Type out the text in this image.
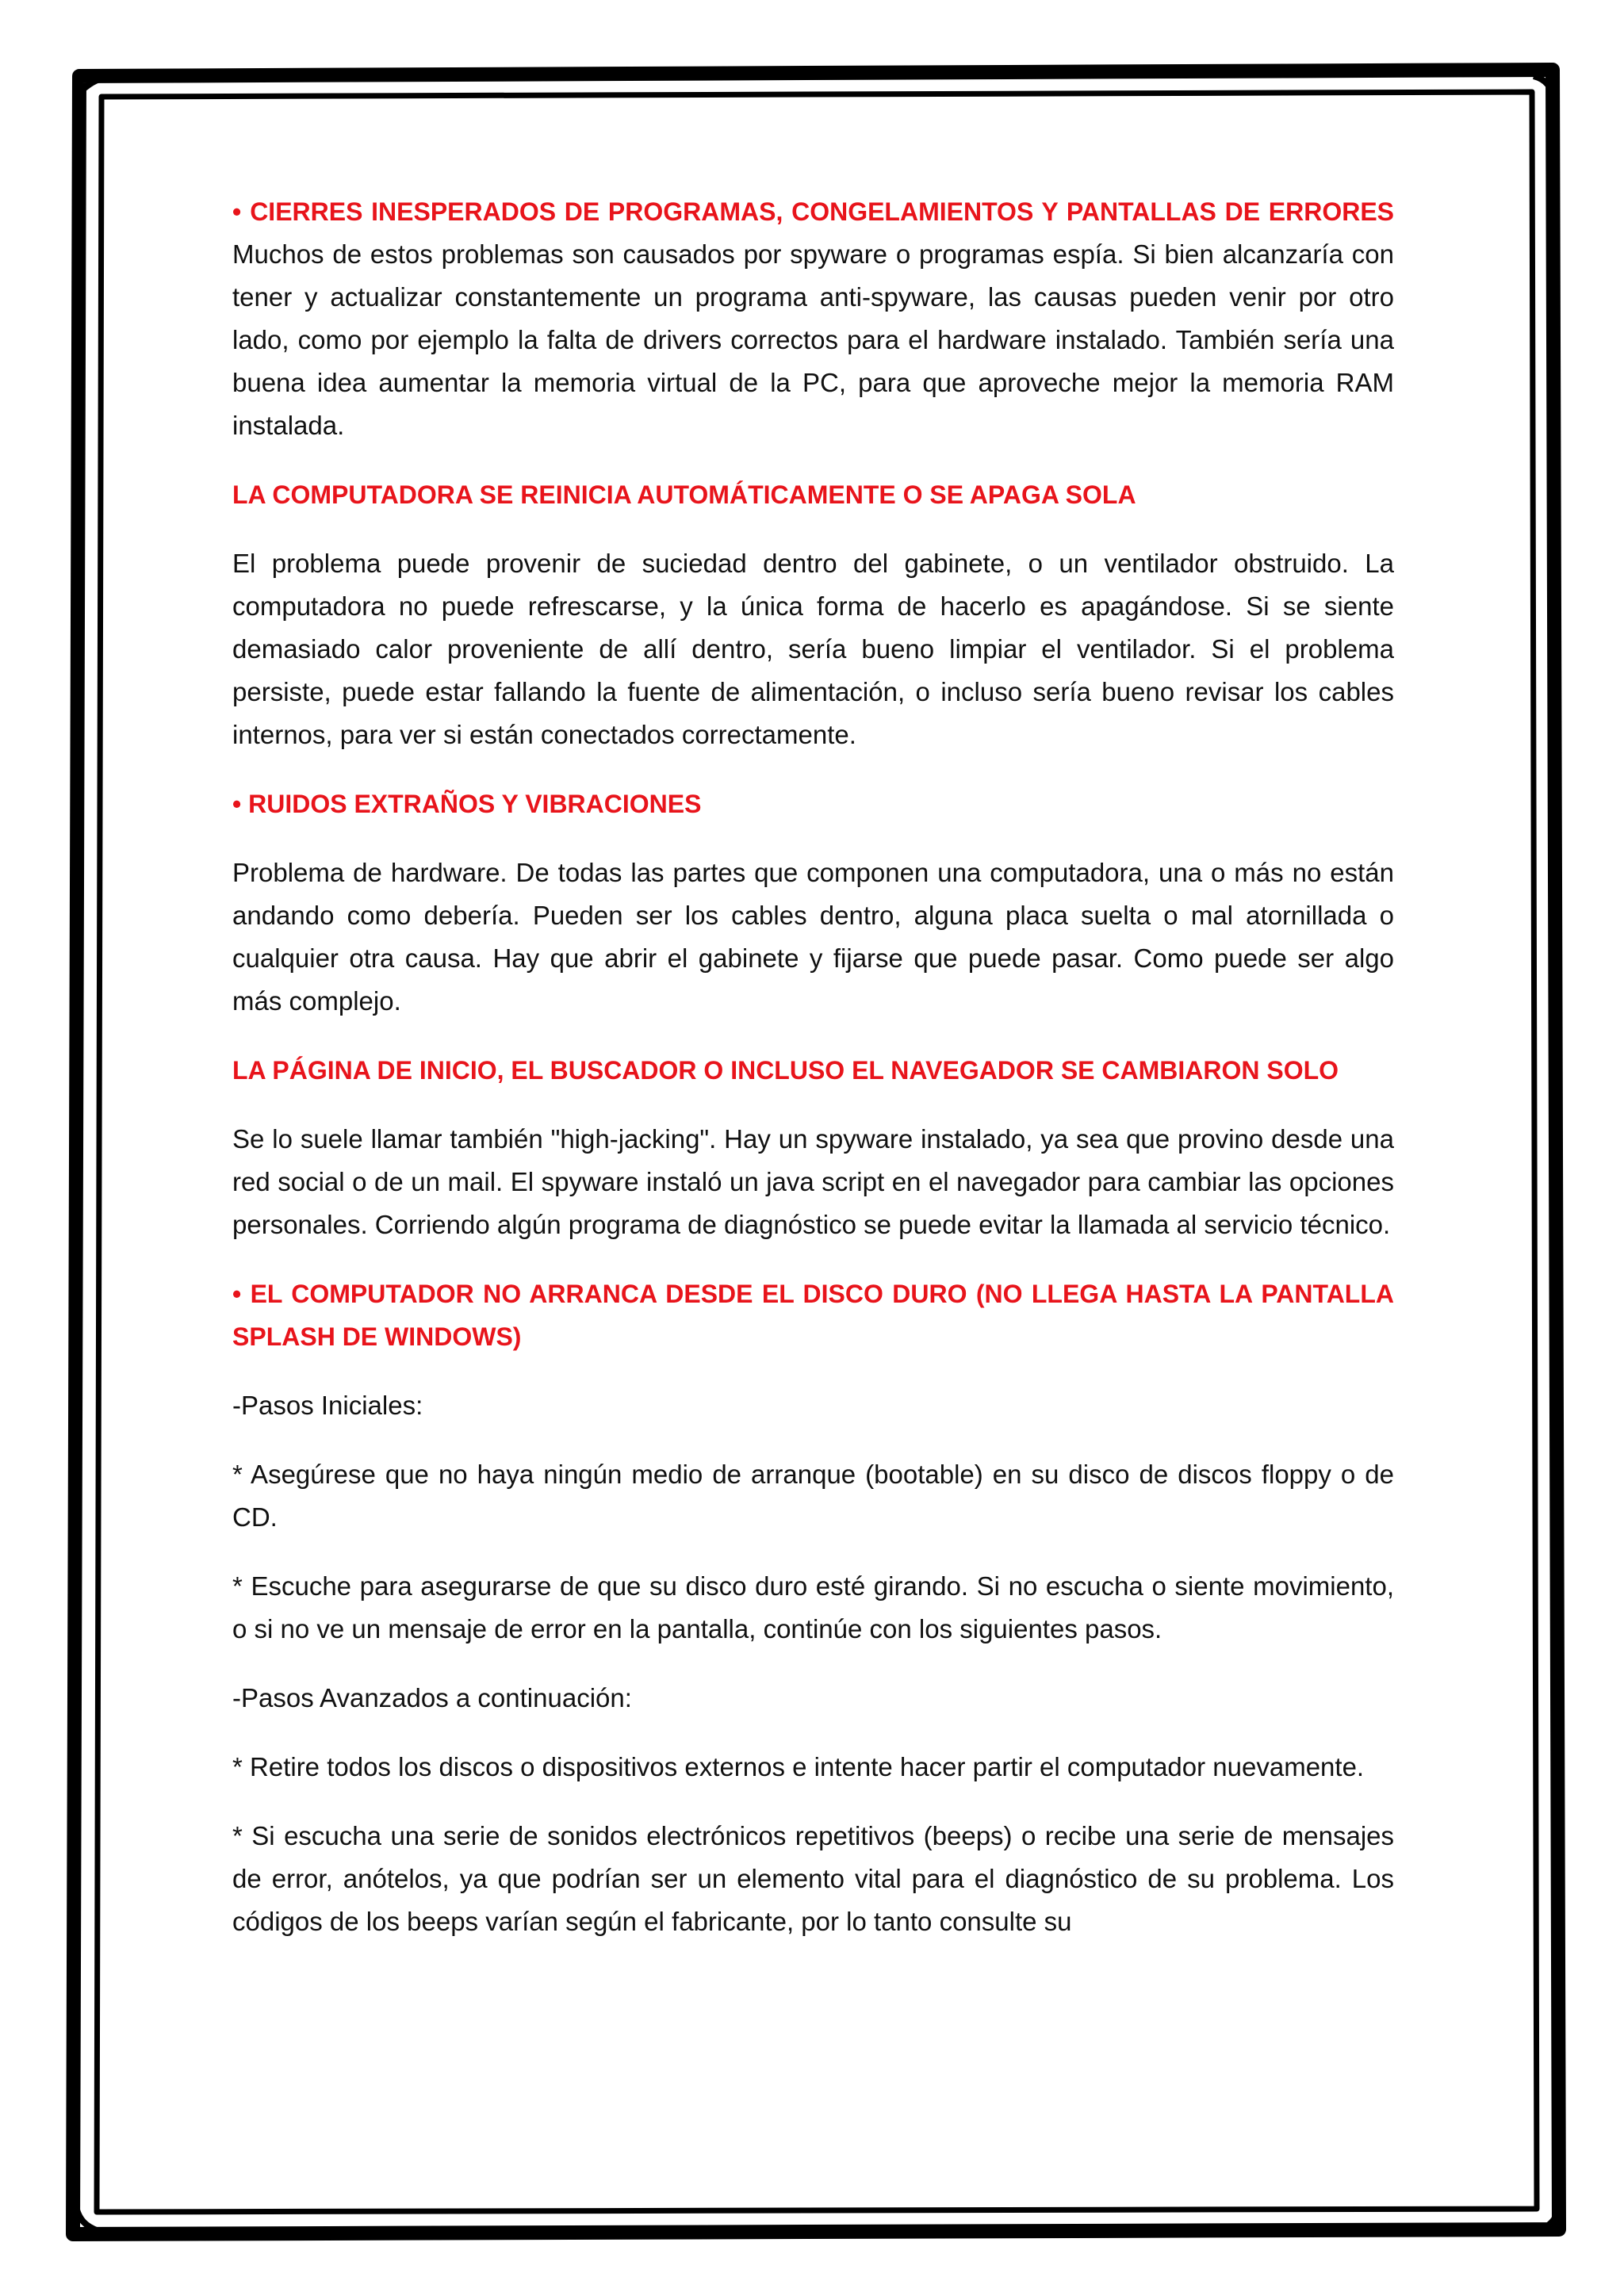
• CIERRES INESPERADOS DE PROGRAMAS, CONGELAMIENTOS Y PANTALLAS DE ERRORES Muchos de estos problemas son causados por spyware o programas espía. Si bien alcanzaría con tener y actualizar constantemente un programa anti-spyware, las causas pueden venir por otro lado, como por ejemplo la falta de drivers correctos para el hardware instalado. También sería una buena idea aumentar la memoria virtual de la PC, para que aproveche mejor la memoria RAM instalada.

LA COMPUTADORA SE REINICIA AUTOMÁTICAMENTE O SE APAGA SOLA

El problema puede provenir de suciedad dentro del gabinete, o un ventilador obstruido. La computadora no puede refrescarse, y la única forma de hacerlo es apagándose. Si se siente demasiado calor proveniente de allí dentro, sería bueno limpiar el ventilador. Si el problema persiste, puede estar fallando la fuente de alimentación, o incluso sería bueno revisar los cables internos, para ver si están conectados correctamente.

• RUIDOS EXTRAÑOS Y VIBRACIONES

Problema de hardware. De todas las partes que componen una computadora, una o más no están andando como debería. Pueden ser los cables dentro, alguna placa suelta o mal atornillada o cualquier otra causa. Hay que abrir el gabinete y fijarse que puede pasar. Como puede ser algo más complejo.

LA PÁGINA DE INICIO, EL BUSCADOR O INCLUSO EL NAVEGADOR SE CAMBIARON SOLO

Se lo suele llamar también "high-jacking". Hay un spyware instalado, ya sea que provino desde una red social o de un mail. El spyware instaló un java script en el navegador para cambiar las opciones personales. Corriendo algún programa de diagnóstico se puede evitar la llamada al servicio técnico.

• EL COMPUTADOR NO ARRANCA DESDE EL DISCO DURO (NO LLEGA HASTA LA PANTALLA SPLASH DE WINDOWS)

-Pasos Iniciales:

* Asegúrese que no haya ningún medio de arranque (bootable) en su disco de discos floppy o de CD.

* Escuche para asegurarse de que su disco duro esté girando. Si no escucha o siente movimiento, o si no ve un mensaje de error en la pantalla, continúe con los siguientes pasos.

-Pasos Avanzados a continuación:

* Retire todos los discos o dispositivos externos e intente hacer partir el computador nuevamente.

* Si escucha una serie de sonidos electrónicos repetitivos (beeps) o recibe una serie de mensajes de error, anótelos, ya que podrían ser un elemento vital para el diagnóstico de su problema. Los códigos de los beeps varían según el fabricante, por lo tanto consulte su
